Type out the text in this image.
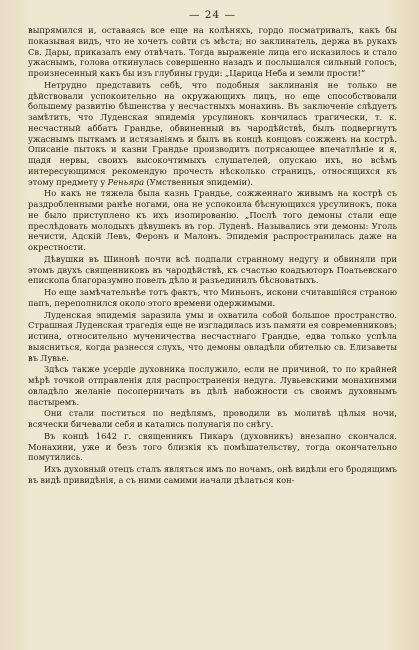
— 24 —

выпрямился и, оставаясь все еще на колѣняхъ, гордо посматривалъ, какъ бы показывая видъ, что не хочетъ сойти съ мѣста; но заклинатель, держа въ рукахъ Св. Дары, приказалъ ему отвѣчать. Тогда выраженіе лица его исказилось и стало ужаснымъ, голова откинулась совершенно назадъ и послышался сильный голосъ, произнесенный какъ бы изъ глубины груди: „Царица Неба и земли прости!“

Нетрудно представить себѣ, что подобныя заклинанія не только не дѣйствовали успокоительно на окружающихъ лицъ, но еще способствовали большему развитію бѣшенства у несчастныхъ монахинь. Въ заключеніе слѣдуетъ замѣтить, что Луденская эпидемія урсулинокъ кончилась трагически, т. к. несчастный аббатъ Грандье, обвиненный въ чародѣйствѣ, былъ подвергнутъ ужаснымъ пыткамъ и истязаніямъ и былъ въ концѣ концовъ сожженъ на кострѣ. Описаніе пытокъ и казни Грандье производитъ потрясающее впечатлѣніе и я, щадя нервы, своихъ высокочтимыхъ слушателей, опускаю ихъ, но всѣмъ интересующимся рекомендую прочесть нѣсколько страницъ, относящихся къ этому предмету у Реньяра (Умственныя эпидеміи).

Но какъ не тяжела была казнь Грандье, сожженнаго живымъ на кострѣ съ раздробленными ранѣе ногами, она не успокоила бѣснующихся урсулинокъ, пока не было приступлено къ ихъ изолированію. „Послѣ того демоны стали еще преслѣдовать молодыхъ дѣвушекъ въ гор. Луденѣ. Назывались эти демоны: Уголь нечисти, Адскій Левъ, Феронъ и Малонъ. Эпидемія распространилась даже на окрестности.

Дѣвушки въ Шинонѣ почти всѣ подпали странному недугу и обвиняли при этомъ двухъ священниковъ въ чародѣйствѣ, къ счастью коадъюторъ Поатьевскаго епископа благоразумно повелъ дѣло и разъединилъ бѣсноватыхъ.

Но еще замѣчательнѣе тотъ фактъ, что Миньонъ, искони считавшійся страною папъ, переполнился около этого времени одержимыми.

Луденская эпидемія заразила умы и охватила собой большое пространство. Страшная Луденская трагедія еще не изгладилась изъ памяти ея современниковъ; истина, относительно мученичества несчастнаго Грандье, едва только успѣла выясниться, когда разнесся слухъ, что демоны овладѣли обителью св. Елизаветы въ Лувье.

Здѣсь также усердіе духовника послужило, если не причиной, то по крайней мѣрѣ точкой отправленія для распространенія недуга. Лувьевскими монахинями овладѣло желаніе посоперничать въ дѣлѣ набожности съ своимъ духовнымъ пастыремъ.

Они стали поститься по недѣлямъ, проводили въ молитвѣ цѣлыя ночи, всячески бичевали себя и катались полунагія по снѣгу.

Въ концѣ 1642 г. священникъ Пикаръ (духовникъ) внезапно скончался. Монахини, уже и безъ того близкія къ помѣшательству, тогда окончательно помутились.

Ихъ духовный отецъ сталъ являться имъ по ночамъ, онѣ видѣли его бродящимъ въ видѣ привидѣнія, а съ ними самими начали дѣлаться кон-
